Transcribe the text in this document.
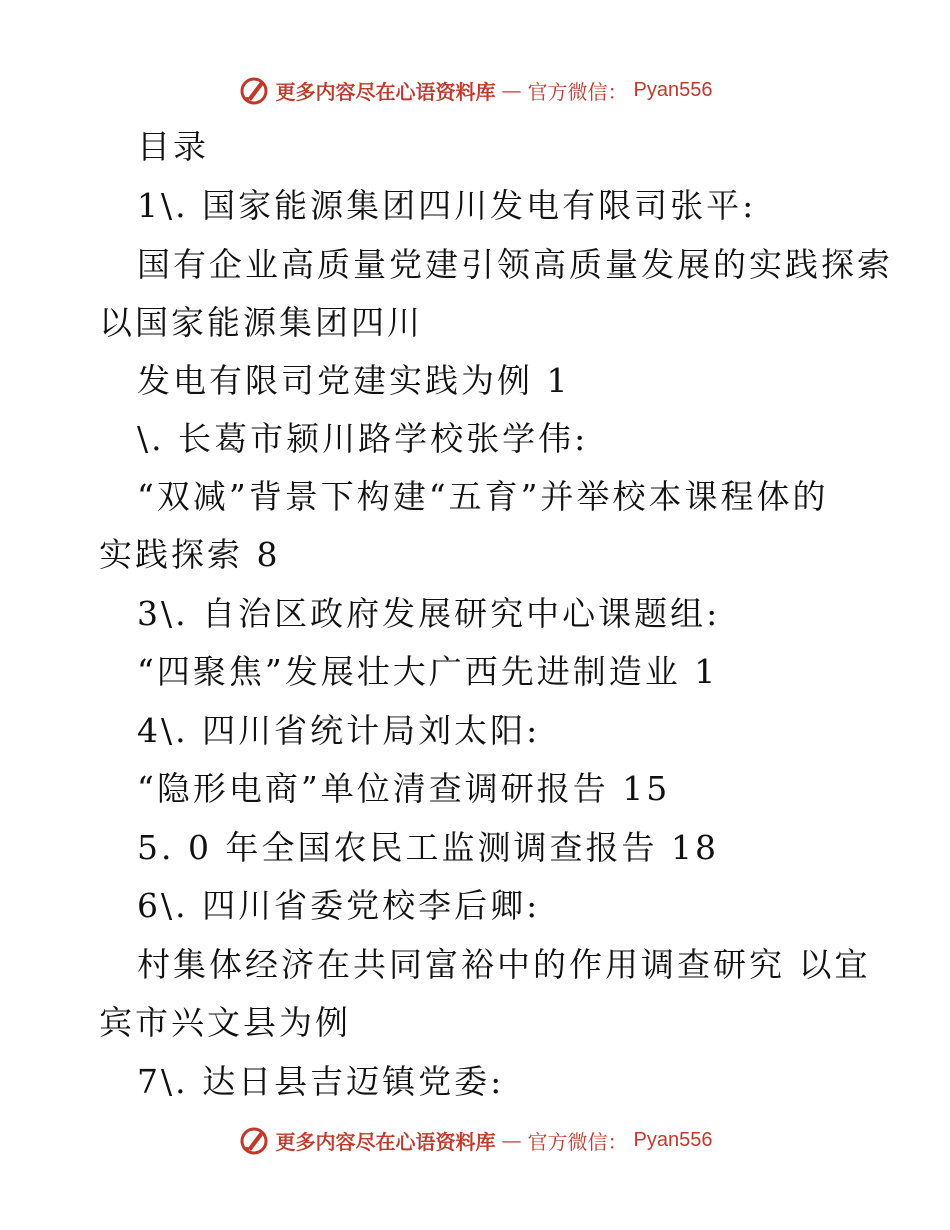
更多内容尽在心语资料库 — 官方微信： Pyan556
目录
1\. 国家能源集团四川发电有限司张平:
国有企业高质量党建引领高质量发展的实践探索
以国家能源集团四川
发电有限司党建实践为例 1
\. 长葛市颍川路学校张学伟:
“双减”背景下构建“五育”并举校本课程体的
实践探索 8
3\. 自治区政府发展研究中心课题组:
“四聚焦”发展壮大广西先进制造业 1
4\. 四川省统计局刘太阳:
“隐形电商”单位清查调研报告 15
5. 0 年全国农民工监测调查报告 18
6\. 四川省委党校李后卿:
村集体经济在共同富裕中的作用调查研究 以宜
宾市兴文县为例
7\. 达日县吉迈镇党委:
更多内容尽在心语资料库 — 官方微信： Pyan556
